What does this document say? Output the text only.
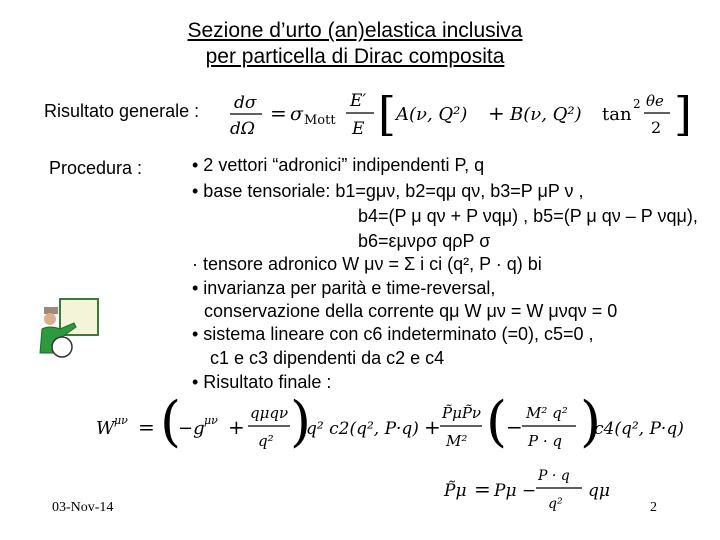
Sezione d’urto (an)elastica inclusiva
per particella di Dirac composita
Risultato generale : dσ
dΩ
= σ Mott
E′
E [ A(ν, Q²) + B(ν, Q²) tan 2 θe
2 ]
Procedura :	• 2 vettori “adronici” indipendenti P, q
• base tensoriale: b1=gμν, b2=qμ qν, b3=P μP ν ,
b4=(P μ qν + P νqμ) , b5=(P μ qν – P νqμ),
b6=εμνρσ qρP σ
· tensore adronico W μν = Σ i ci (q², P · q) bi
• invarianza per parità e time-reversal,
conservazione della corrente qμ W μν = W μνqν = 0
• sistema lineare con c6 indeterminato (=0), c5=0 ,
c1 e c3 dipendenti da c2 e c4
• Risultato finale :
W μν = (
−g μν +
qμqν
q² )
q² c2(q², P·q) +
P̃μP̃ν
M² (
−
M² q²
P · q )
c4(q², P·q)
P̃μ = Pμ −
P · q
q²
qμ
03-Nov-14	2
